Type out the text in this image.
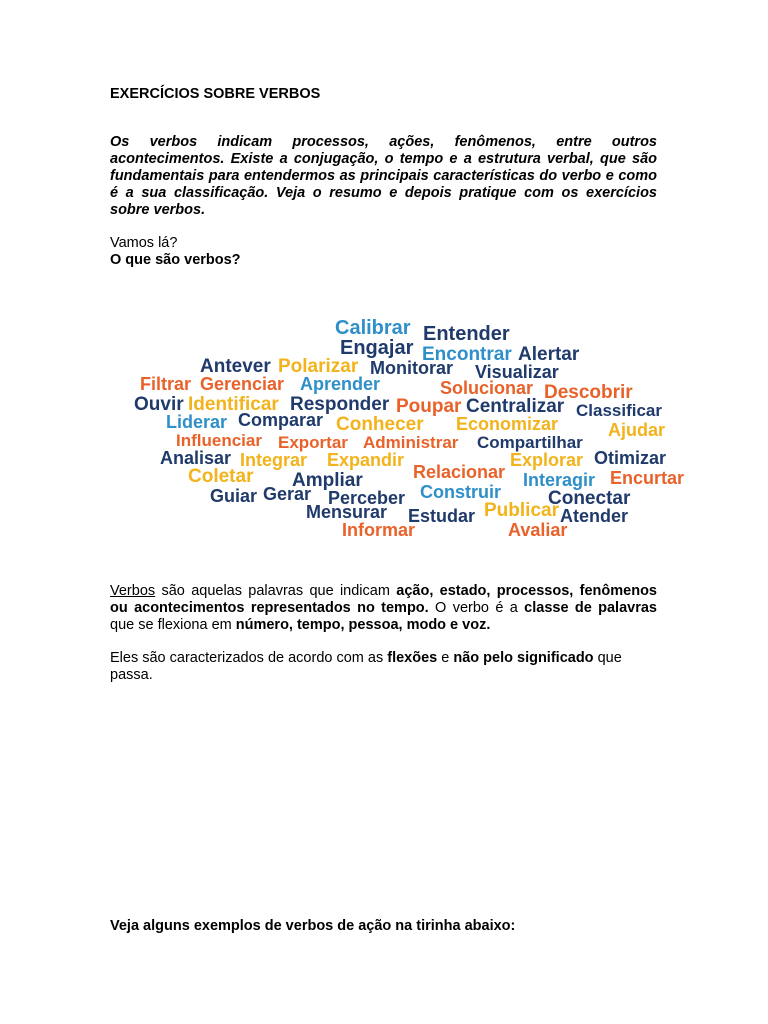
EXERCÍCIOS SOBRE VERBOS
Os verbos indicam processos, ações, fenômenos, entre outros acontecimentos. Existe a conjugação, o tempo e a estrutura verbal, que são fundamentais para entendermos as principais características do verbo e como é a sua classificação. Veja o resumo e depois pratique com os exercícios sobre verbos.
Vamos lá?
O que são verbos?
Calibrar Entender
Engajar Encontrar Alertar
Antever Polarizar Monitorar Visualizar
Filtrar Gerenciar Aprender	Solucionar Descobrir
Ouvir Identificar Responder Poupar Centralizar Classificar
Liderar Comparar Conhecer Economizar	Ajudar
Influenciar Exportar Administrar Compartilhar
Analisar Integrar Expandir	Explorar Otimizar
Coletar Ampliar	Relacionar Interagir Encurtar
Guiar Gerar Perceber Construir Conectar
Mensurar Estudar Publicar Atender
Informar	Avaliar
Verbos são aquelas palavras que indicam ação, estado, processos, fenômenos ou acontecimentos representados no tempo. O verbo é a classe de palavras que se flexiona em número, tempo, pessoa, modo e voz.
Eles são caracterizados de acordo com as flexões e não pelo significado que passa.
Veja alguns exemplos de verbos de ação na tirinha abaixo:
